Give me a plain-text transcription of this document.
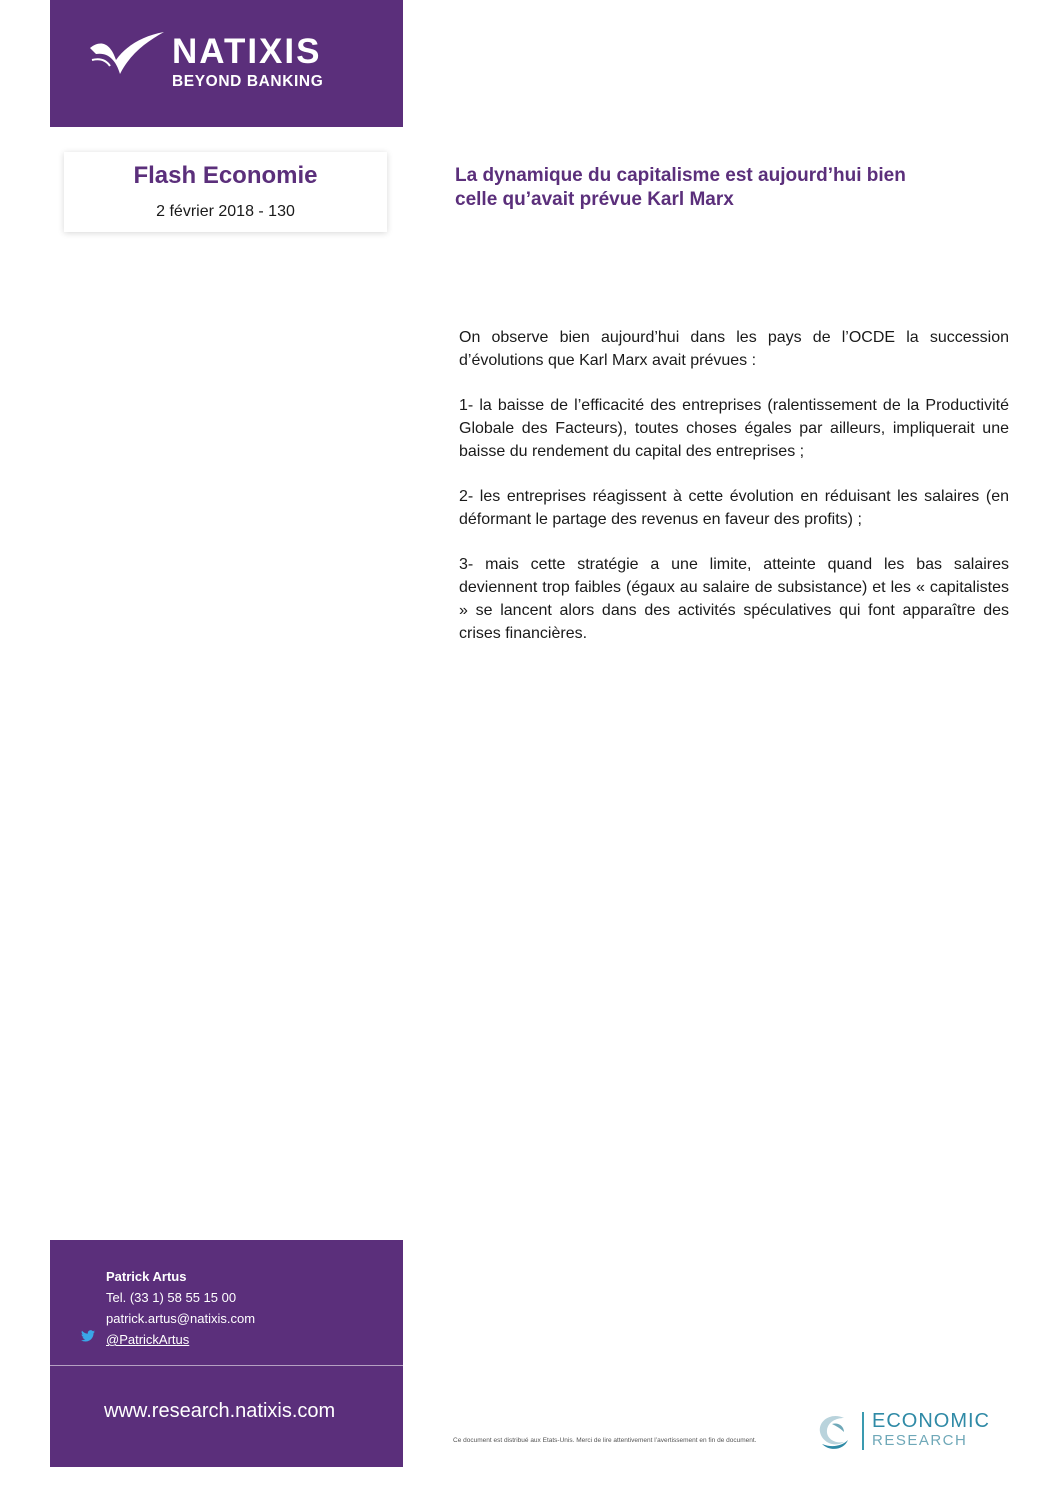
NATIXIS
BEYOND BANKING
Flash Economie
2 février 2018 - 130
La dynamique du capitalisme est aujourd’hui bien
celle qu’avait prévue Karl Marx

On observe bien aujourd’hui dans les pays de l’OCDE la succession d’évolutions que Karl Marx avait prévues :

1- la baisse de l’efficacité des entreprises (ralentissement de la Productivité Globale des Facteurs), toutes choses égales par ailleurs, impliquerait une baisse du rendement du capital des entreprises ;

2- les entreprises réagissent à cette évolution en réduisant les salaires (en déformant le partage des revenus en faveur des profits) ;

3- mais cette stratégie a une limite, atteinte quand les bas salaires deviennent trop faibles (égaux au salaire de subsistance) et les « capitalistes » se lancent alors dans des activités spéculatives qui font apparaître des crises financières.

Patrick Artus
Tel. (33 1) 58 55 15 00
patrick.artus@natixis.com
@PatrickArtus
www.research.natixis.com
Ce document est distribué aux Etats-Unis. Merci de lire attentivement l’avertissement en fin de document.
ECONOMIC
RESEARCH
